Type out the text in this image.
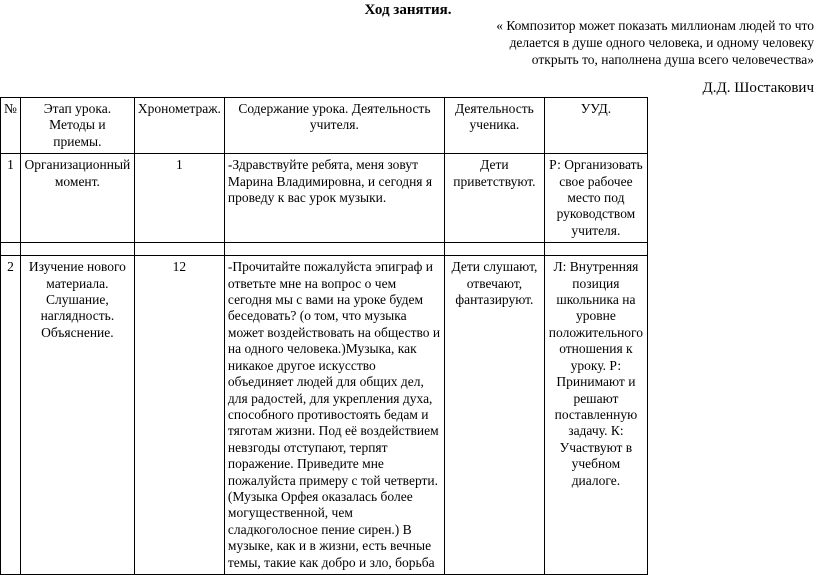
Ход занятия.
« Композитор может показать миллионам людей то что делается в душе одного человека, и одному человеку открыть то, наполнена душа всего человечества»
Д.Д. Шостакович
№	Этап урока. Методы и приемы.	Хронометраж.	Содержание урока. Деятельность учителя.	Деятельность ученика.	УУД.
1	Организационный момент.	1	-Здравствуйте ребята, меня зовут Марина Владимировна, и сегодня я проведу к вас урок музыки.	Дети приветствуют.	Р: Организовать свое рабочее место под руководством учителя.

2	Изучение нового материала. Слушание, наглядность. Объяснение.	12	-Прочитайте пожалуйста эпиграф и ответьте мне на вопрос о чем сегодня мы с вами на уроке будем беседовать? (о том, что музыка может воздействовать на общество и на одного человека.)Музыка, как никакое другое искусство объединяет людей для общих дел, для радостей, для укрепления духа, способного противостоять бедам и тяготам жизни. Под её воздействием невзгоды отступают, терпят поражение. Приведите мне пожалуйста примеру с той четверти. (Музыка Орфея оказалась более могущественной, чем сладкоголосное пение сирен.) В музыке, как и в жизни, есть вечные темы, такие как добро и зло, борьба	Дети слушают, отвечают, фантазируют.	Л: Внутренняя позиция школьника на уровне положительного отношения к уроку. Р: Принимают и решают поставленную задачу. К: Участвуют в учебном диалоге.
